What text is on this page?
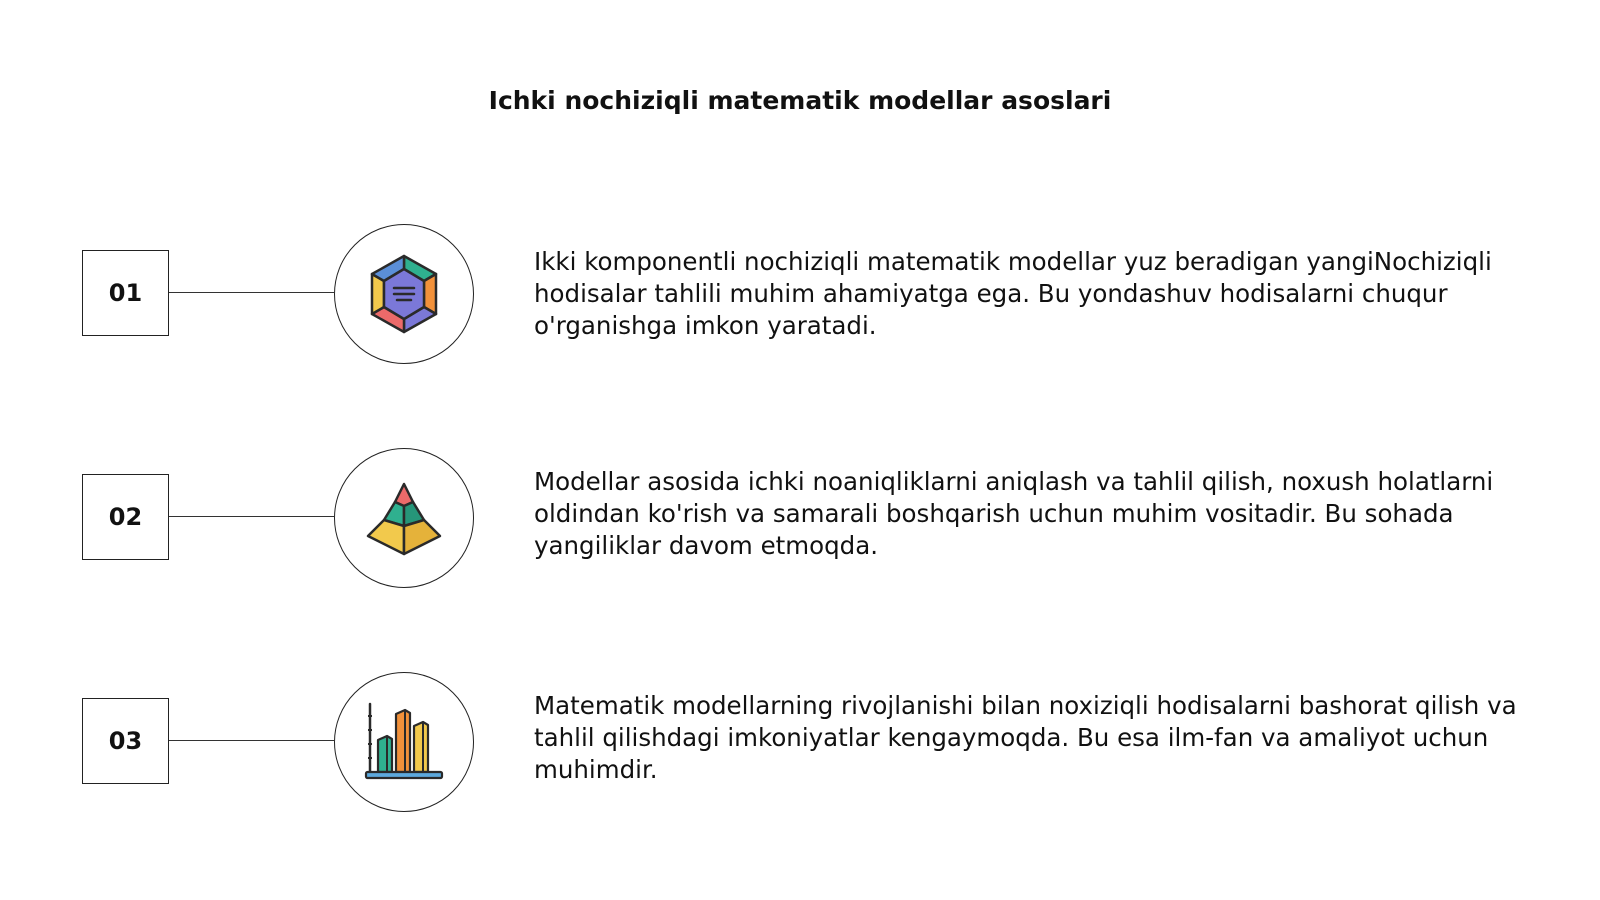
Ichki nochiziqli matematik modellar asoslari
01
Ikki komponentli nochiziqli matematik modellar yuz beradigan yangiNochiziqli hodisalar tahlili muhim ahamiyatga ega. Bu yondashuv hodisalarni chuqur o'rganishga imkon yaratadi.
02
Modellar asosida ichki noaniqliklarni aniqlash va tahlil qilish, noxush holatlarni oldindan ko'rish va samarali boshqarish uchun muhim vositadir. Bu sohada yangiliklar davom etmoqda.
03
Matematik modellarning rivojlanishi bilan noxiziqli hodisalarni bashorat qilish va tahlil qilishdagi imkoniyatlar kengaymoqda. Bu esa ilm-fan va amaliyot uchun muhimdir.
